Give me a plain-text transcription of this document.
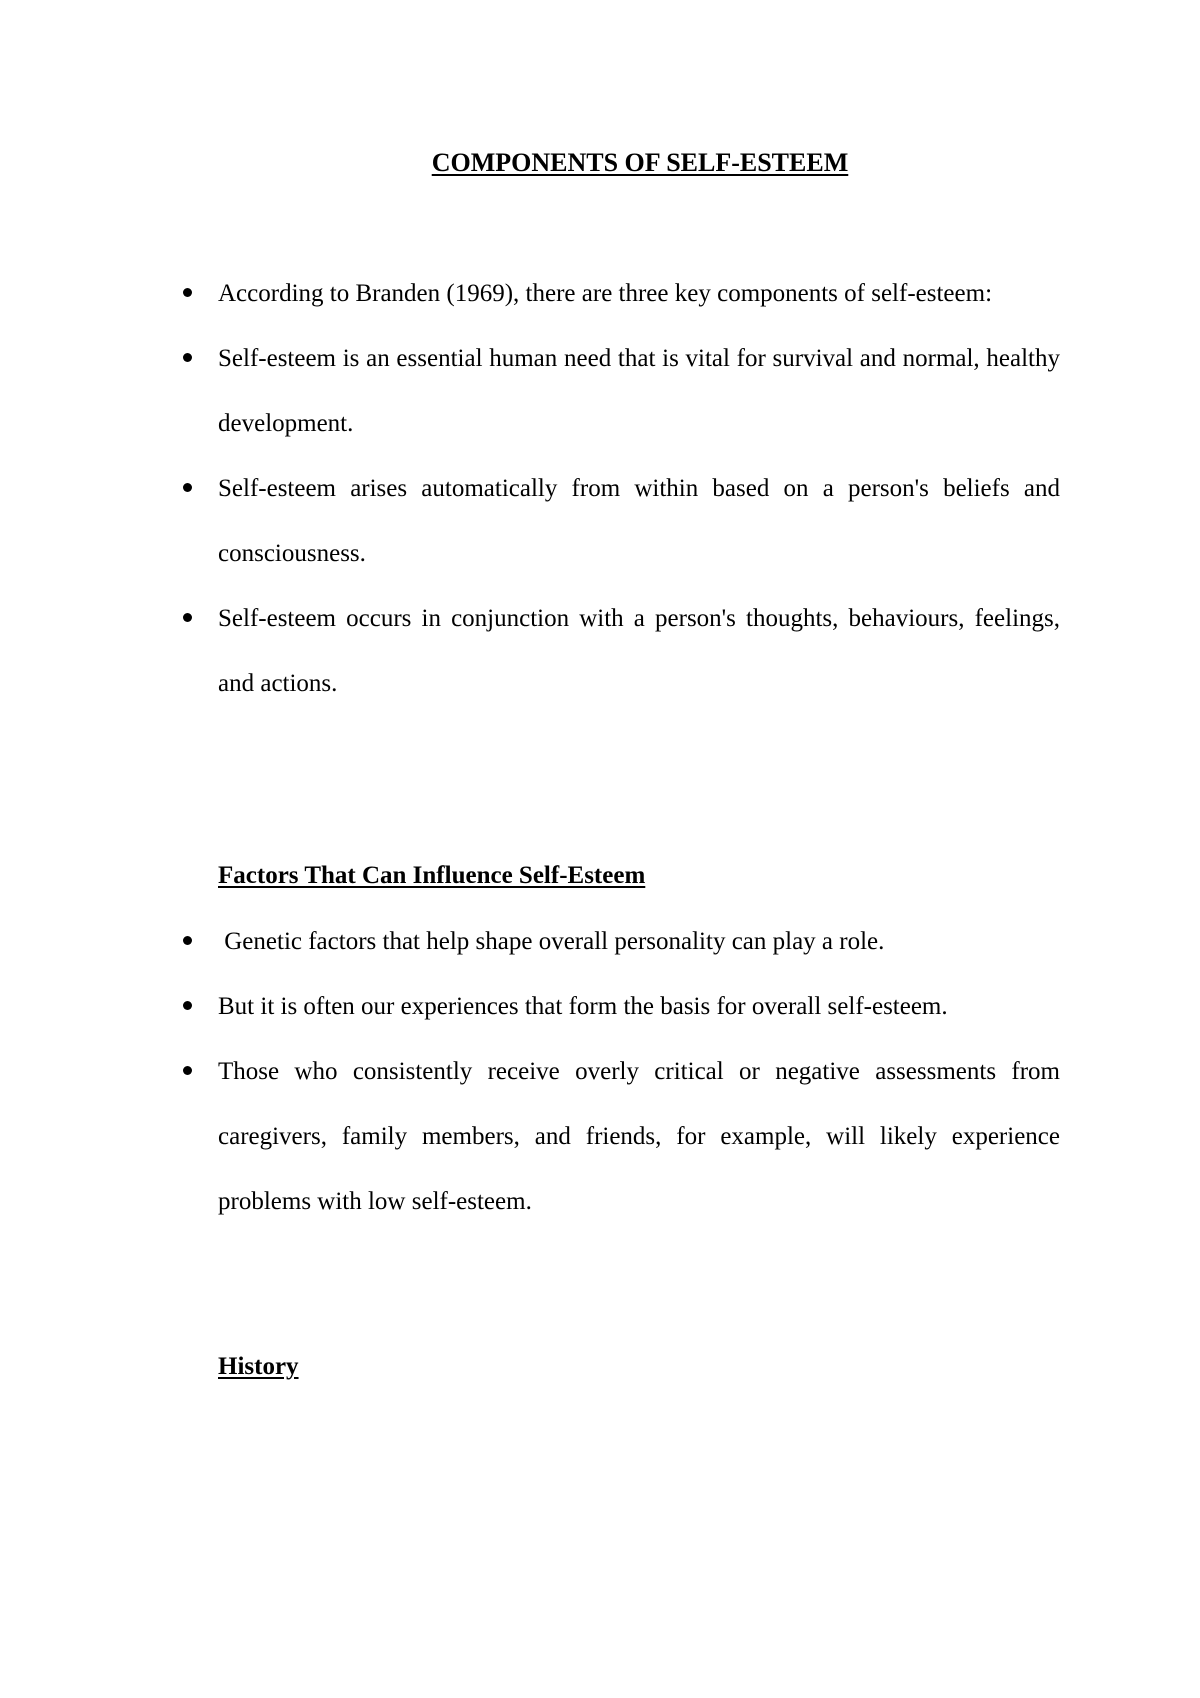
COMPONENTS OF SELF-ESTEEM
According to Branden (1969), there are three key components of self-esteem:
Self-esteem is an essential human need that is vital for survival and normal, healthy development.
Self-esteem arises automatically from within based on a person's beliefs and consciousness.
Self-esteem occurs in conjunction with a person's thoughts, behaviours, feelings, and actions.
Factors That Can Influence Self-Esteem
Genetic factors that help shape overall personality can play a role.
But it is often our experiences that form the basis for overall self-esteem.
Those who consistently receive overly critical or negative assessments from caregivers, family members, and friends, for example, will likely experience problems with low self-esteem.
History
